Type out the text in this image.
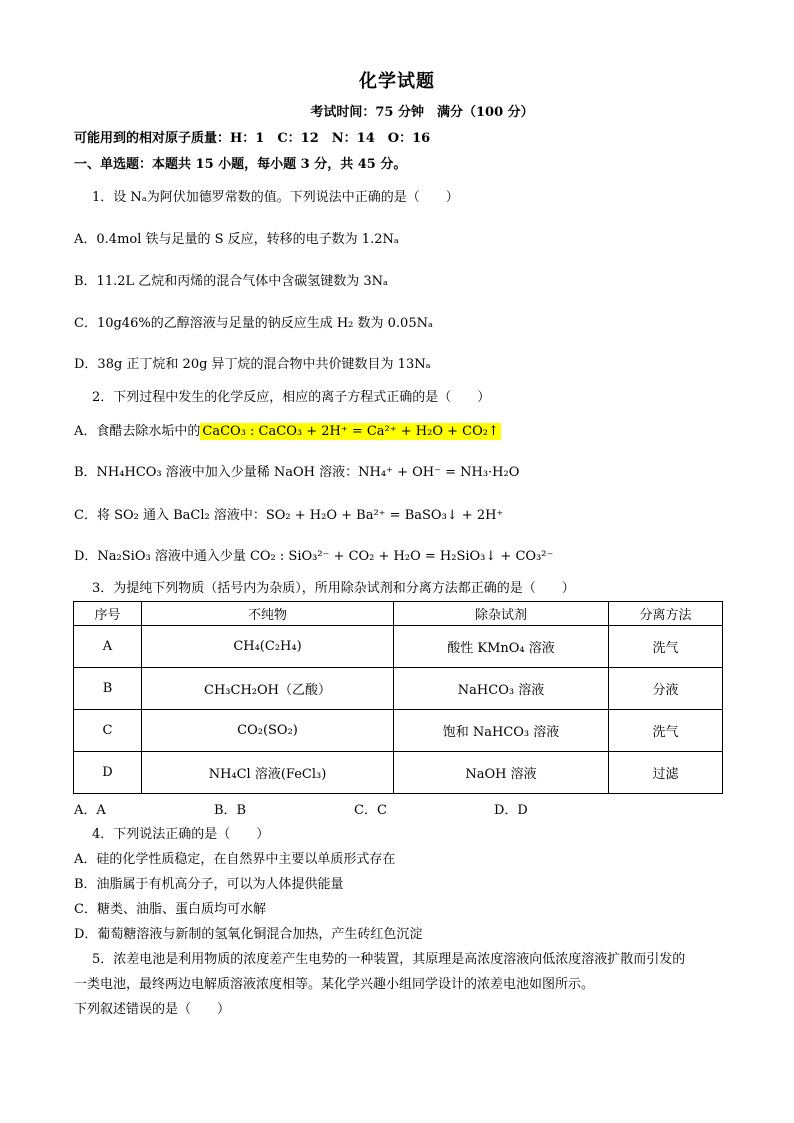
化学试题
考试时间：75 分钟　满分（100 分）
可能用到的相对原子质量：H：1　C：12　N：14　O：16
一、单选题：本题共 15 小题，每小题 3 分，共 45 分。
1．设 Nₐ为阿伏加德罗常数的值。下列说法中正确的是（　　）
A．0.4mol 铁与足量的 S 反应，转移的电子数为 1.2Nₐ
B．11.2L 乙烷和丙烯的混合气体中含碳氢键数为 3Nₐ
C．10g46%的乙醇溶液与足量的钠反应生成 H₂ 数为 0.05Nₐ
D．38g 正丁烷和 20g 异丁烷的混合物中共价键数目为 13Nₐ
2．下列过程中发生的化学反应，相应的离子方程式正确的是（　　）
A．食醋去除水垢中的 CaCO₃ : CaCO₃ + 2H⁺ = Ca²⁺ + H₂O + CO₂↑
B．NH₄HCO₃ 溶液中加入少量稀 NaOH 溶液：NH₄⁺ + OH⁻ = NH₃·H₂O
C．将 SO₂ 通入 BaCl₂ 溶液中：SO₂ + H₂O + Ba²⁺ = BaSO₃↓ + 2H⁺
D．Na₂SiO₃ 溶液中通入少量 CO₂ : SiO₃²⁻ + CO₂ + H₂O = H₂SiO₃↓ + CO₃²⁻
3．为提纯下列物质（括号内为杂质），所用除杂试剂和分离方法都正确的是（　　）
序号	不纯物	除杂试剂	分离方法
A	CH₄(C₂H₄)	酸性 KMnO₄ 溶液	洗气
B	CH₃CH₂OH（乙酸）	NaHCO₃ 溶液	分液
C	CO₂(SO₂)	饱和 NaHCO₃ 溶液	洗气
D	NH₄Cl 溶液(FeCl₃)	NaOH 溶液	过滤
A．A	B．B	C．C	D．D
4．下列说法正确的是（　　）
A．硅的化学性质稳定，在自然界中主要以单质形式存在
B．油脂属于有机高分子，可以为人体提供能量
C．糖类、油脂、蛋白质均可水解
D．葡萄糖溶液与新制的氢氧化铜混合加热，产生砖红色沉淀
5．浓差电池是利用物质的浓度差产生电势的一种装置，其原理是高浓度溶液向低浓度溶液扩散而引发的
一类电池，最终两边电解质溶液浓度相等。某化学兴趣小组同学设计的浓差电池如图所示。
下列叙述错误的是（　　）
